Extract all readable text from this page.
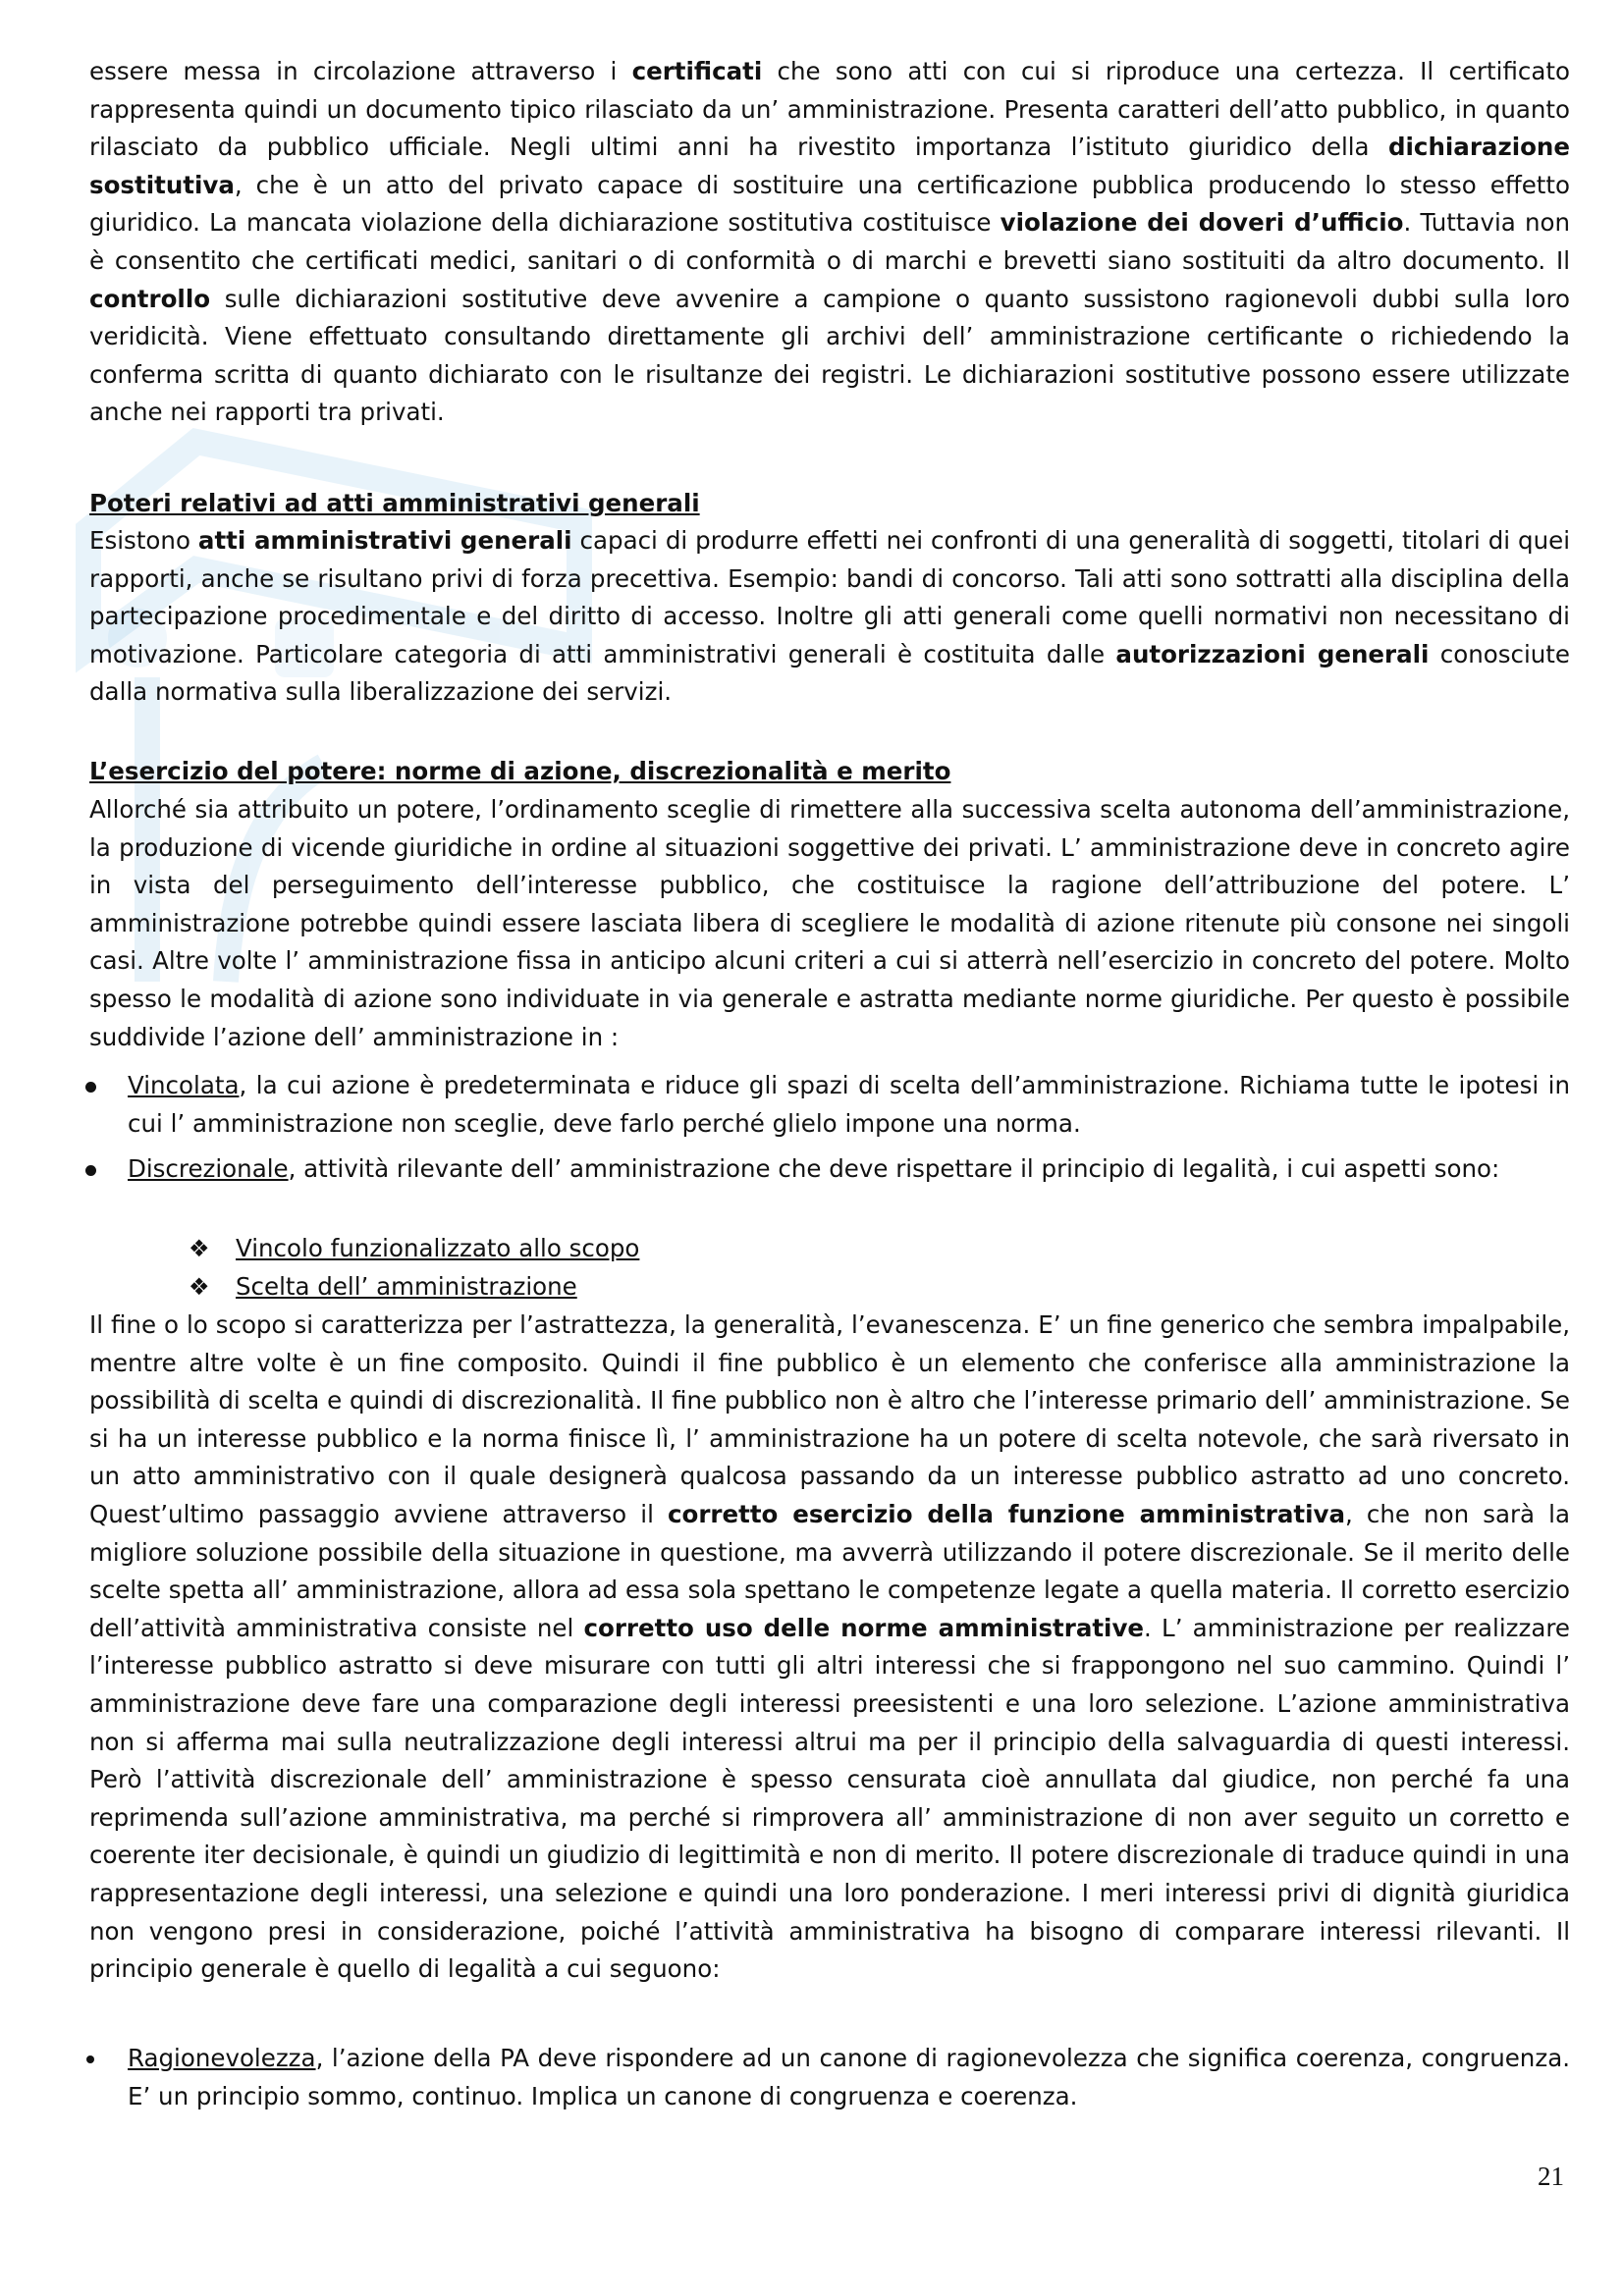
essere messa in circolazione attraverso i certificati che sono atti con cui si riproduce una certezza. Il certificato rappresenta quindi un documento tipico rilasciato da un’ amministrazione. Presenta caratteri dell’atto pubblico, in quanto rilasciato da pubblico ufficiale. Negli ultimi anni ha rivestito importanza l’istituto giuridico della dichiarazione sostitutiva, che è un atto del privato capace di sostituire una certificazione pubblica producendo lo stesso effetto giuridico. La mancata violazione della dichiarazione sostitutiva costituisce violazione dei doveri d’ufficio. Tuttavia non è consentito che certificati medici, sanitari o di conformità o di marchi e brevetti siano sostituiti da altro documento. Il controllo sulle dichiarazioni sostitutive deve avvenire a campione o quanto sussistono ragionevoli dubbi sulla loro veridicità. Viene effettuato consultando direttamente gli archivi dell’ amministrazione certificante o richiedendo la conferma scritta di quanto dichiarato con le risultanze dei registri. Le dichiarazioni sostitutive possono essere utilizzate anche nei rapporti tra privati.
Poteri relativi ad atti amministrativi generali
Esistono atti amministrativi generali capaci di produrre effetti nei confronti di una generalità di soggetti, titolari di quei rapporti, anche se risultano privi di forza precettiva. Esempio: bandi di concorso. Tali atti sono sottratti alla disciplina della partecipazione procedimentale e del diritto di accesso. Inoltre gli atti generali come quelli normativi non necessitano di motivazione. Particolare categoria di atti amministrativi generali è costituita dalle autorizzazioni generali conosciute dalla normativa sulla liberalizzazione dei servizi.
L’esercizio del potere: norme di azione, discrezionalità e merito
Allorché sia attribuito un potere, l’ordinamento sceglie di rimettere alla successiva scelta autonoma dell’amministrazione, la produzione di vicende giuridiche in ordine al situazioni soggettive dei privati. L’ amministrazione deve in concreto agire in vista del perseguimento dell’interesse pubblico, che costituisce la ragione dell’attribuzione del potere. L’ amministrazione potrebbe quindi essere lasciata libera di scegliere le modalità di azione ritenute più consone nei singoli casi. Altre volte l’ amministrazione fissa in anticipo alcuni criteri a cui si atterrà nell’esercizio in concreto del potere. Molto spesso le modalità di azione sono individuate in via generale e astratta mediante norme giuridiche. Per questo è possibile suddivide l’azione dell’ amministrazione in :
Vincolata, la cui azione è predeterminata e riduce gli spazi di scelta dell’amministrazione. Richiama tutte le ipotesi in cui l’ amministrazione non sceglie, deve farlo perché glielo impone una norma.
Discrezionale, attività rilevante dell’ amministrazione che deve rispettare il principio di legalità, i cui aspetti sono:
❖	Vincolo funzionalizzato allo scopo
❖	Scelta dell’ amministrazione
Il fine o lo scopo si caratterizza per l’astrattezza, la generalità, l’evanescenza. E’ un fine generico che sembra impalpabile, mentre altre volte è un fine composito. Quindi il fine pubblico è un elemento che conferisce alla amministrazione la possibilità di scelta e quindi di discrezionalità. Il fine pubblico non è altro che l’interesse primario dell’ amministrazione. Se si ha un interesse pubblico e la norma finisce lì, l’ amministrazione ha un potere di scelta notevole, che sarà riversato in un atto amministrativo con il quale designerà qualcosa passando da un interesse pubblico astratto ad uno concreto. Quest’ultimo passaggio avviene attraverso il corretto esercizio della funzione amministrativa, che non sarà la migliore soluzione possibile della situazione in questione, ma avverrà utilizzando il potere discrezionale. Se il merito delle scelte spetta all’ amministrazione, allora ad essa sola spettano le competenze legate a quella materia. Il corretto esercizio dell’attività amministrativa consiste nel corretto uso delle norme amministrative. L’ amministrazione per realizzare l’interesse pubblico astratto si deve misurare con tutti gli altri interessi che si frappongono nel suo cammino. Quindi l’ amministrazione deve fare una comparazione degli interessi preesistenti e una loro selezione. L’azione amministrativa non si afferma mai sulla neutralizzazione degli interessi altrui ma per il principio della salvaguardia di questi interessi. Però l’attività discrezionale dell’ amministrazione è spesso censurata cioè annullata dal giudice, non perché fa una reprimenda sull’azione amministrativa, ma perché si rimprovera all’ amministrazione di non aver seguito un corretto e coerente iter decisionale, è quindi un giudizio di legittimità e non di merito. Il potere discrezionale di traduce quindi in una rappresentazione degli interessi, una selezione e quindi una loro ponderazione. I meri interessi privi di dignità giuridica non vengono presi in considerazione, poiché l’attività amministrativa ha bisogno di comparare interessi rilevanti. Il principio generale è quello di legalità a cui seguono:
Ragionevolezza, l’azione della PA deve rispondere ad un canone di ragionevolezza che significa coerenza, congruenza. E’ un principio sommo, continuo. Implica un canone di congruenza e coerenza.
21
